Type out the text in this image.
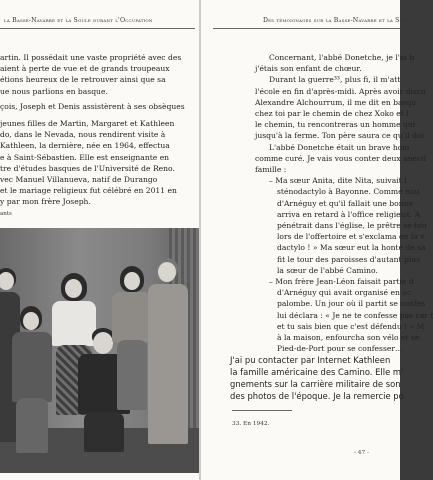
la Basse-Navarre et la Soule durant l'Occupation
artin. Il possédait une vaste propriété avec des
aient à perte de vue et de grands troupeaux
étions heureux de le retrouver ainsi que sa
ue nous parlions en basque.
çois, Joseph et Denis assistèrent à ses obsèques
jeunes filles de Martin, Margaret et Kathleen
do, dans le Nevada, nous rendirent visite à
Kathleen, la dernière, née en 1964, effectua
e à Saint-Sébastien. Elle est enseignante en
tre d'études basques de l'Université de Reno.
vec Manuel Villanueva, natif de Durango
et le mariage religieux fut célébré en 2011 en
y par mon frère Joseph.
ants
Des témoignages sur la Basse-Navarre et la Soule
Concernant, l'abbé Donetche, je l'ai b
j'étais son enfant de chœur.
Durant la guerre³³, plus fi, il m'att
l'école en fin d'après-midi. Après avoir discu
Alexandre Alchourrum, il me dit en basqu
chez toi par le chemin de chez Xoko et l
le chemin, tu rencontreras un homme qui
jusqu'à la ferme. Ton père saura ce qu'il doi
L'abbé Donetche était un brave hom
comme curé. Je vais vous conter deux anecd
famille :
– Ma sœur Anita, dite Nita, suivait l
sténodactylo à Bayonne. Comme nou
d'Arnéguy et qu'il fallait une bonne
arriva en retard à l'office religieux. A
pénétrait dans l'église, le prêtre se tou
lors de l'offertoire et s'exclama en la v
dactylo ! » Ma sœur eut la honte de sa
fit le tour des paroisses d'autant plus
la sœur de l'abbé Camino.
– Mon frère Jean-Léon faisait partie d
d'Arnéguy qui avait organisé en oc
palombe. Un jour où il partit se confes
lui déclara : « Je ne te confesse pas car t
et tu sais bien que c'est défendu ! » M
à la maison, enfourcha son vélo et se
Pied-de-Port pour se confesser…
J'ai pu contacter par Internet Kathleen
la famille américaine des Camino. Elle m'
gnements sur la carrière militaire de son
des photos de l'époque. Je la remercie po
33. En 1942.
- 47 -
